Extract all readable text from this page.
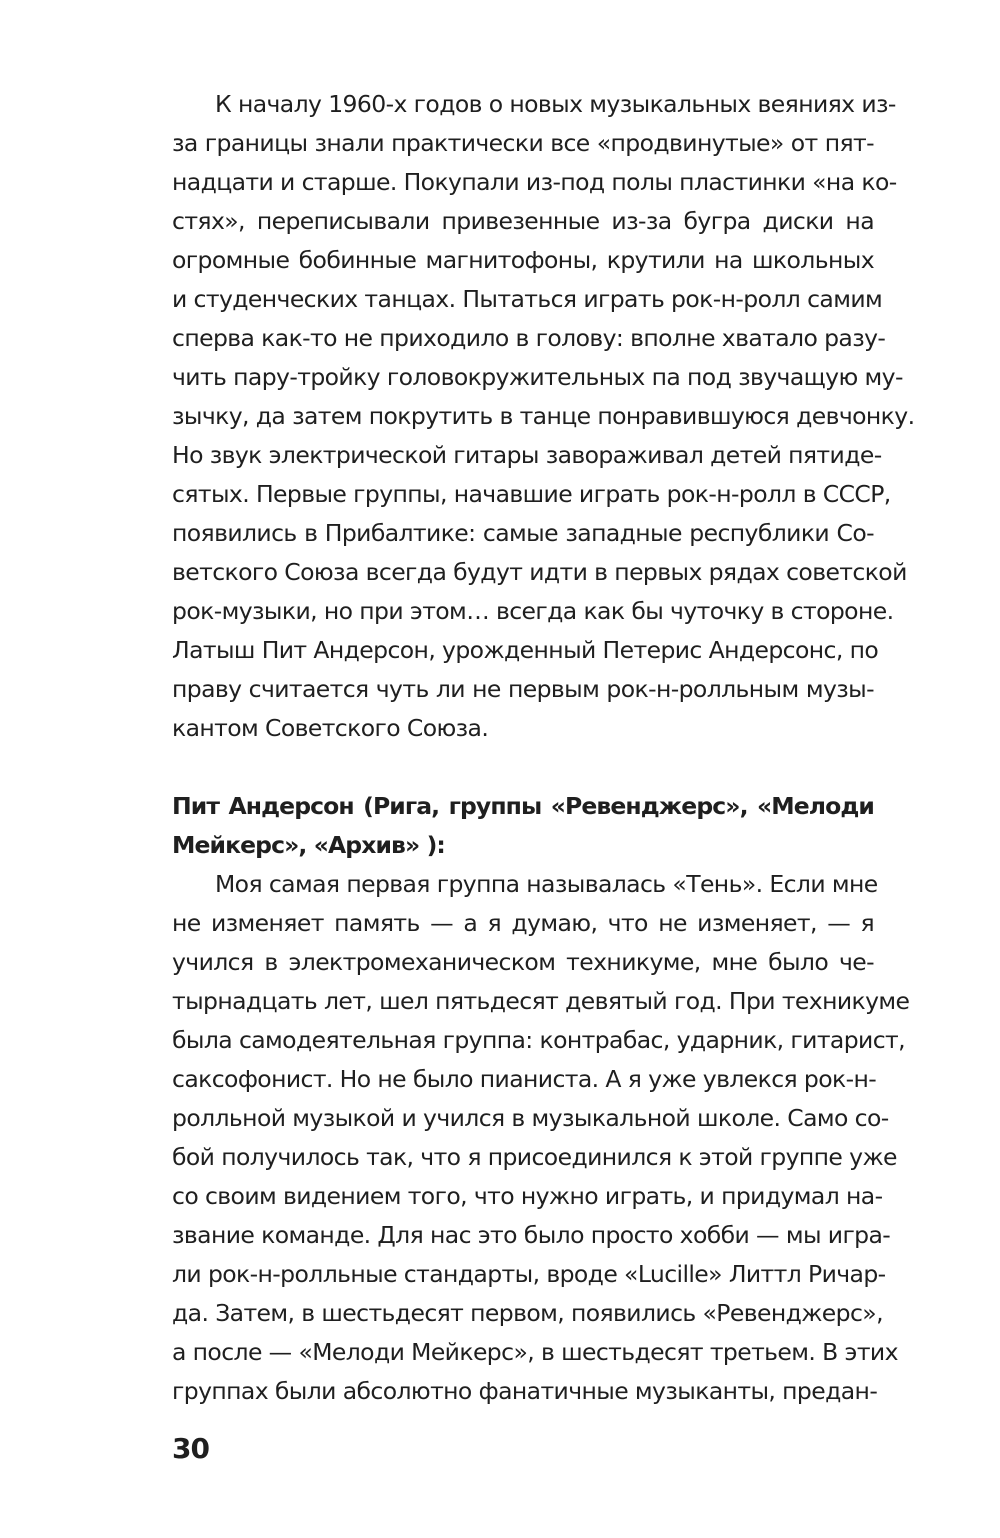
К началу 1960-х годов о новых музыкальных веяниях из-
за границы знали практически все «продвинутые» от пят-
надцати и старше. Покупали из-под полы пластинки «на ко-
стях», переписывали привезенные из-за бугра диски на
огромные бобинные магнитофоны, крутили на школьных
и студенческих танцах. Пытаться играть рок-н-ролл самим
сперва как-то не приходило в голову: вполне хватало разу-
чить пару-тройку головокружительных па под звучащую му-
зычку, да затем покрутить в танце понравившуюся девчонку.
Но звук электрической гитары завораживал детей пятиде-
сятых. Первые группы, начавшие играть рок-н-ролл в СССР,
появились в Прибалтике: самые западные республики Со-
ветского Союза всегда будут идти в первых рядах советской
рок-музыки, но при этом… всегда как бы чуточку в стороне.
Латыш Пит Андерсон, урожденный Петерис Андерсонс, по
праву считается чуть ли не первым рок-н-ролльным музы-
кантом Советского Союза.
Пит Андерсон (Рига, группы «Ревенджерс», «Мелоди
Мейкерс», «Архив» ):
Моя самая первая группа называлась «Тень». Если мне
не изменяет память — а я думаю, что не изменяет, — я
учился в электромеханическом техникуме, мне было че-
тырнадцать лет, шел пятьдесят девятый год. При техникуме
была самодеятельная группа: контрабас, ударник, гитарист,
саксофонист. Но не было пианиста. А я уже увлекся рок-н-
ролльной музыкой и учился в музыкальной школе. Само со-
бой получилось так, что я присоединился к этой группе уже
со своим видением того, что нужно играть, и придумал на-
звание команде. Для нас это было просто хобби — мы игра-
ли рок-н-ролльные стандарты, вроде «Lucille» Литтл Ричар-
да. Затем, в шестьдесят первом, появились «Ревенджерс»,
а после — «Мелоди Мейкерс», в шестьдесят третьем. В этих
группах были абсолютно фанатичные музыканты, предан-
30
